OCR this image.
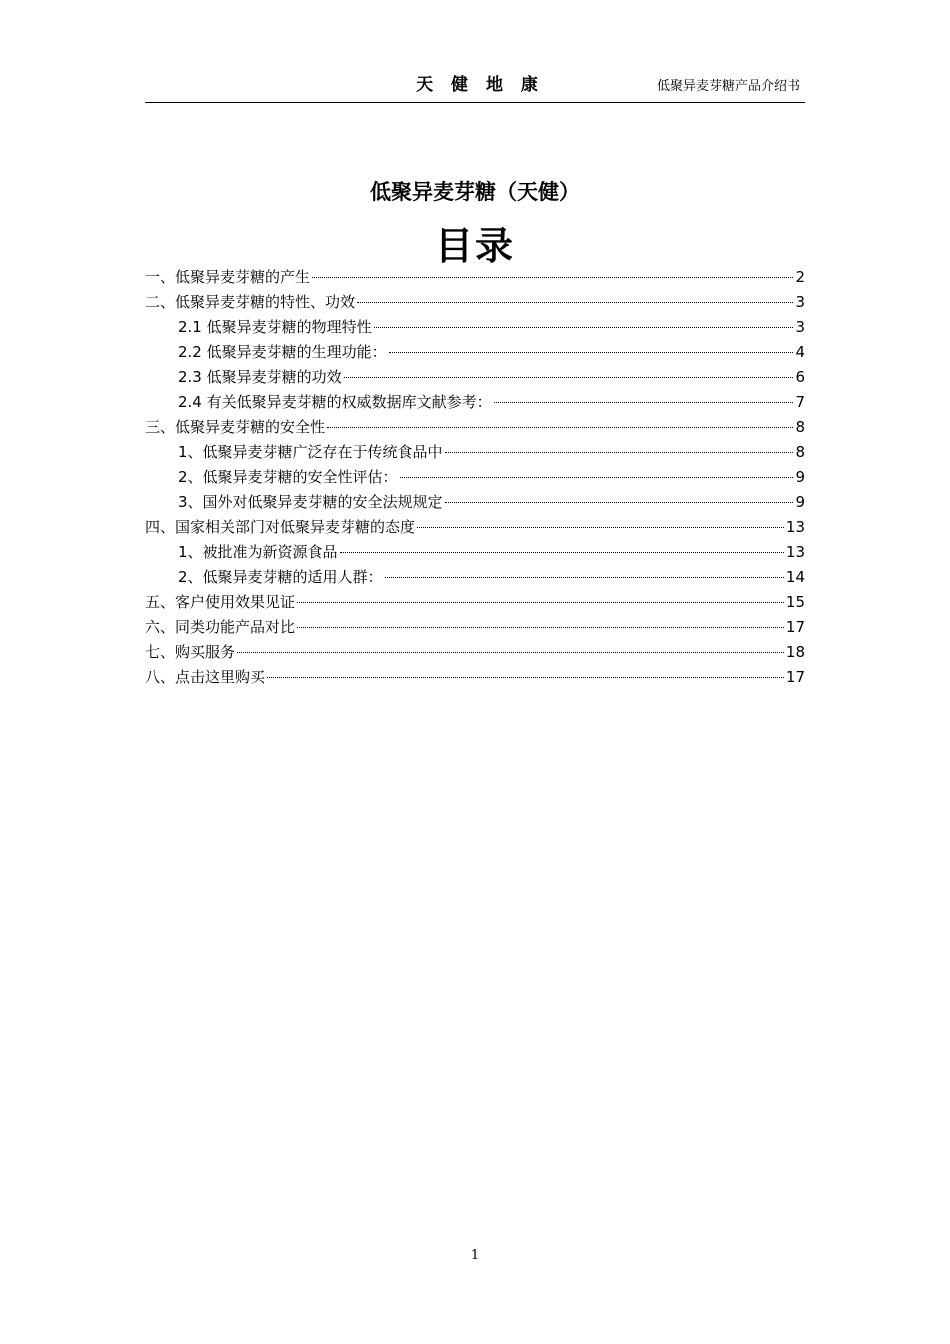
天 健 地 康	低聚异麦芽糖产品介绍书
低聚异麦芽糖（天健）
目录
一、低聚异麦芽糖的产生	2
二、低聚异麦芽糖的特性、功效	3
2.1 低聚异麦芽糖的物理特性	3
2.2 低聚异麦芽糖的生理功能：	4
2.3 低聚异麦芽糖的功效	6
2.4 有关低聚异麦芽糖的权威数据库文献参考：	7
三、低聚异麦芽糖的安全性	8
1、低聚异麦芽糖广泛存在于传统食品中	8
2、低聚异麦芽糖的安全性评估：	9
3、国外对低聚异麦芽糖的安全法规规定	9
四、国家相关部门对低聚异麦芽糖的态度	13
1、被批准为新资源食品	13
2、低聚异麦芽糖的适用人群：	14
五、客户使用效果见证	15
六、同类功能产品对比	17
七、购买服务	18
八、点击这里购买	17
1
